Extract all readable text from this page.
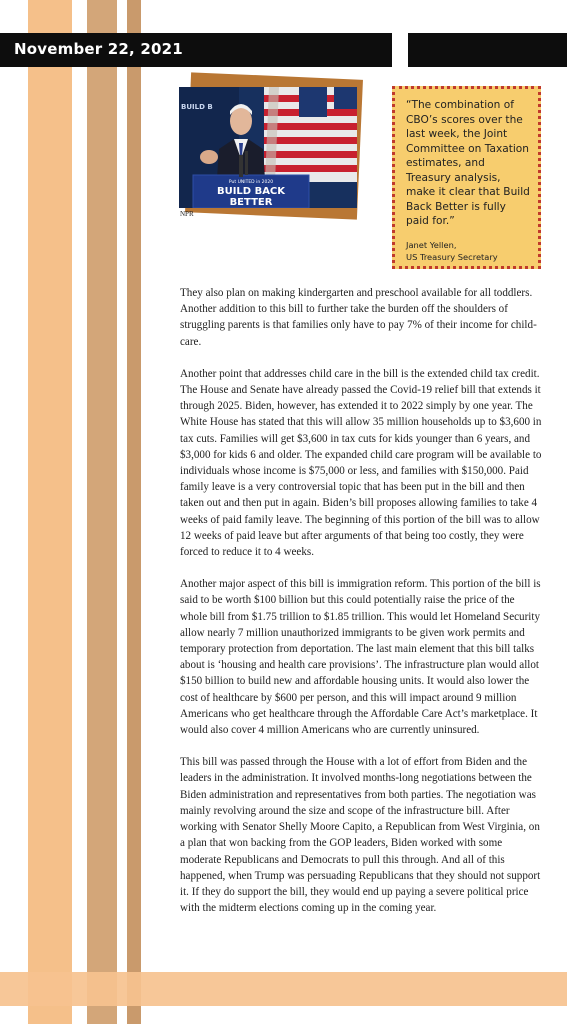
November 22, 2021
BUILD B
Put UNITED in 2020
BUILD BACK
BETTER
NPR
“The combination of CBO’s scores over the last week, the Joint Committee on Taxation estimates, and Treasury analysis, make it clear that Build Back Better is fully paid for.”
Janet Yellen,
US Treasury Secretary

They also plan on making kindergarten and preschool available for all toddlers. Another addition to this bill to further take the burden off the shoulders of struggling parents is that families only have to pay 7% of their income for child-care.

Another point that addresses child care in the bill is the extended child tax credit. The House and Senate have already passed the Covid-19 relief bill that extends it through 2025. Biden, however, has extended it to 2022 simply by one year. The White House has stated that this will allow 35 million households up to $3,600 in tax cuts. Families will get $3,600 in tax cuts for kids younger than 6 years, and $3,000 for kids 6 and older. The expanded child care program will be available to individuals whose income is $75,000 or less, and families with $150,000. Paid family leave is a very controversial topic that has been put in the bill and then taken out and then put in again. Biden’s bill proposes allowing families to take 4 weeks of paid family leave. The beginning of this portion of the bill was to allow 12 weeks of paid leave but after arguments of that being too costly, they were forced to reduce it to 4 weeks.

Another major aspect of this bill is immigration reform. This portion of the bill is said to be worth $100 billion but this could potentially raise the price of the whole bill from $1.75 trillion to $1.85 trillion. This would let Homeland Security allow nearly 7 million unauthorized immigrants to be given work permits and temporary protection from deportation. The last main element that this bill talks about is ‘housing and health care provisions’. The infrastructure plan would allot $150 billion to build new and affordable housing units. It would also lower the cost of healthcare by $600 per person, and this will impact around 9 million Americans who get healthcare through the Affordable Care Act’s marketplace. It would also cover 4 million Americans who are currently uninsured.

This bill was passed through the House with a lot of effort from Biden and the leaders in the administration. It involved months-long negotiations between the Biden administration and representatives from both parties. The negotiation was mainly revolving around the size and scope of the infrastructure bill. After working with Senator Shelly Moore Capito, a Republican from West Virginia, on a plan that won backing from the GOP leaders, Biden worked with some moderate Republicans and Democrats to pull this through. And all of this happened, when Trump was persuading Republicans that they should not support it. If they do support the bill, they would end up paying a severe political price with the midterm elections coming up in the coming year.
